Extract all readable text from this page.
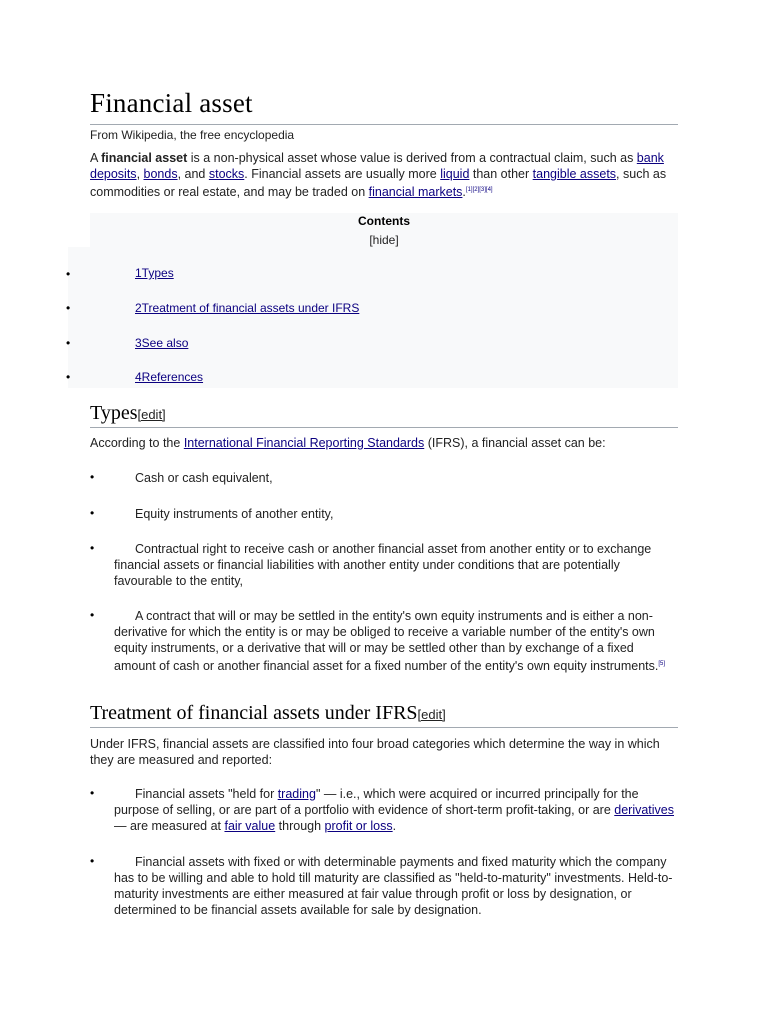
Financial asset
From Wikipedia, the free encyclopedia

A financial asset is a non-physical asset whose value is derived from a contractual claim, such as bank deposits, bonds, and stocks. Financial assets are usually more liquid than other tangible assets, such as commodities or real estate, and may be traded on financial markets.[1][2][3][4]

Contents
[hide]
•	1Types
•	2Treatment of financial assets under IFRS
•	3See also
•	4References
Types[edit]

According to the International Financial Reporting Standards (IFRS), a financial asset can be:

•	Cash or cash equivalent,
•	Equity instruments of another entity,
•	Contractual right to receive cash or another financial asset from another entity or to exchange financial assets or financial liabilities with another entity under conditions that are potentially favourable to the entity,
•	A contract that will or may be settled in the entity's own equity instruments and is either a non-derivative for which the entity is or may be obliged to receive a variable number of the entity's own equity instruments, or a derivative that will or may be settled other than by exchange of a fixed amount of cash or another financial asset for a fixed number of the entity's own equity instruments.[5]
Treatment of financial assets under IFRS[edit]

Under IFRS, financial assets are classified into four broad categories which determine the way in which they are measured and reported:

•	Financial assets "held for trading" — i.e., which were acquired or incurred principally for the purpose of selling, or are part of a portfolio with evidence of short-term profit-taking, or are derivatives — are measured at fair value through profit or loss.
•	Financial assets with fixed or with determinable payments and fixed maturity which the company has to be willing and able to hold till maturity are classified as "held-to-maturity" investments. Held-to-maturity investments are either measured at fair value through profit or loss by designation, or determined to be financial assets available for sale by designation.
